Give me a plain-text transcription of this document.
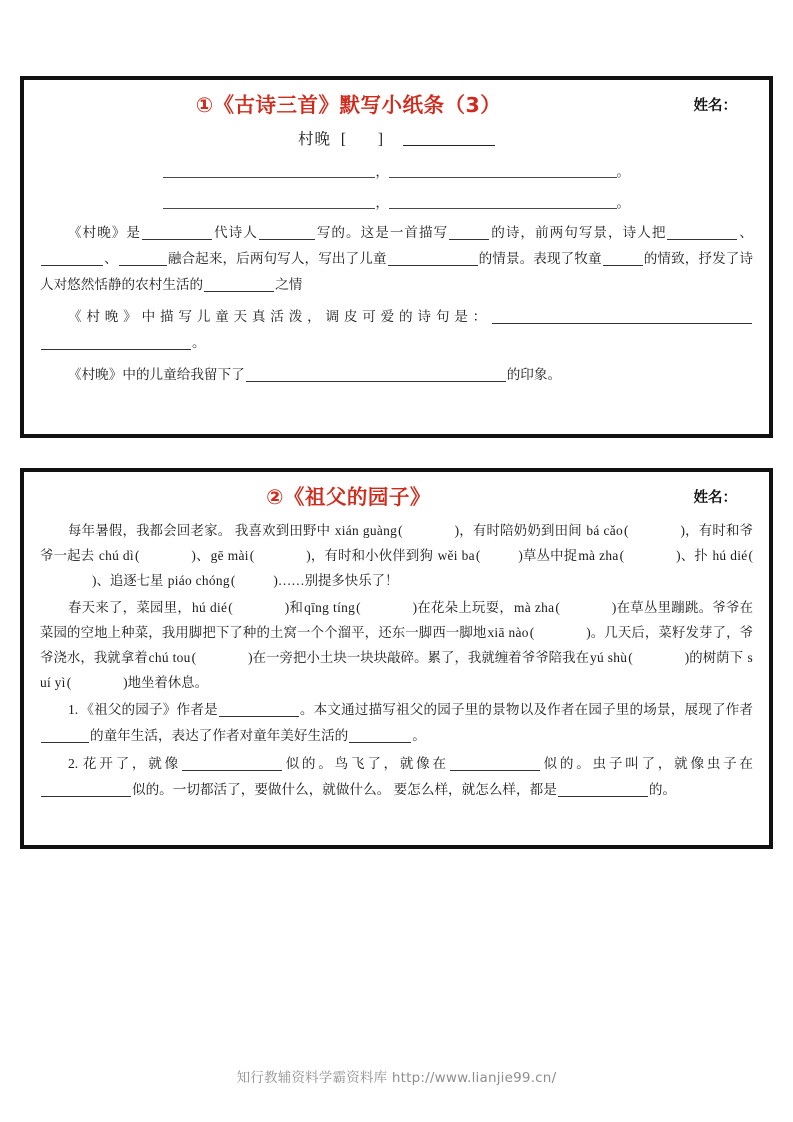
①《古诗三首》默写小纸条（3）	姓名：
村晚 [ ]
，	。
，	。
《村晚》是	代诗人	写的。这是一首描写	的诗，前两句写景，诗人把	、、	融合起来，后两句写人，写出了儿童	的情景。表现了牧童	的情致，抒发了诗人对悠然恬静的农村生活的	之情
《村晚》中描写儿童天真活泼，调皮可爱的诗句是：。
《村晚》中的儿童给我留下了	的印象。
②《祖父的园子》	姓名：
每年暑假，我都会回老家。 我喜欢到田野中 xián guàng(	)，有时陪奶奶到田间 bá cǎo(	)，有时和爷爷一起去 chú dì(	)、gē mài(	)，有时和小伙伴到狗 wěi ba(	)草丛中捉mà zha(	)、扑 hú dié()、追逐七星 piáo chóng(	)……别提多快乐了！
春天来了，菜园里，hú dié(	)和qīng tíng(	)在花朵上玩耍，mà zha(	)在草丛里蹦跳。爷爷在菜园的空地上种菜，我用脚把下了种的土窝一个个溜平，还东一脚西一脚地xiā nào(	)。几天后，菜籽发芽了，爷爷浇水，我就拿着chú tou(	)在一旁把小土块一块块敲碎。累了，我就缠着爷爷陪我在yú shù(	)的树荫下 suí yì(	)地坐着休息。
1. 《祖父的园子》作者是	。本文通过描写祖父的园子里的景物以及作者在园子里的场景，展现了作者的童年生活，表达了作者对童年美好生活的	。
2. 花开了，就像	似的。鸟飞了，就像在	似的。虫子叫了，就像虫子在似的。一切都活了，要做什么，就做什么。 要怎么样，就怎么样，都是	的。
知行教辅资料学霸资料库 http://www.lianjie99.cn/
